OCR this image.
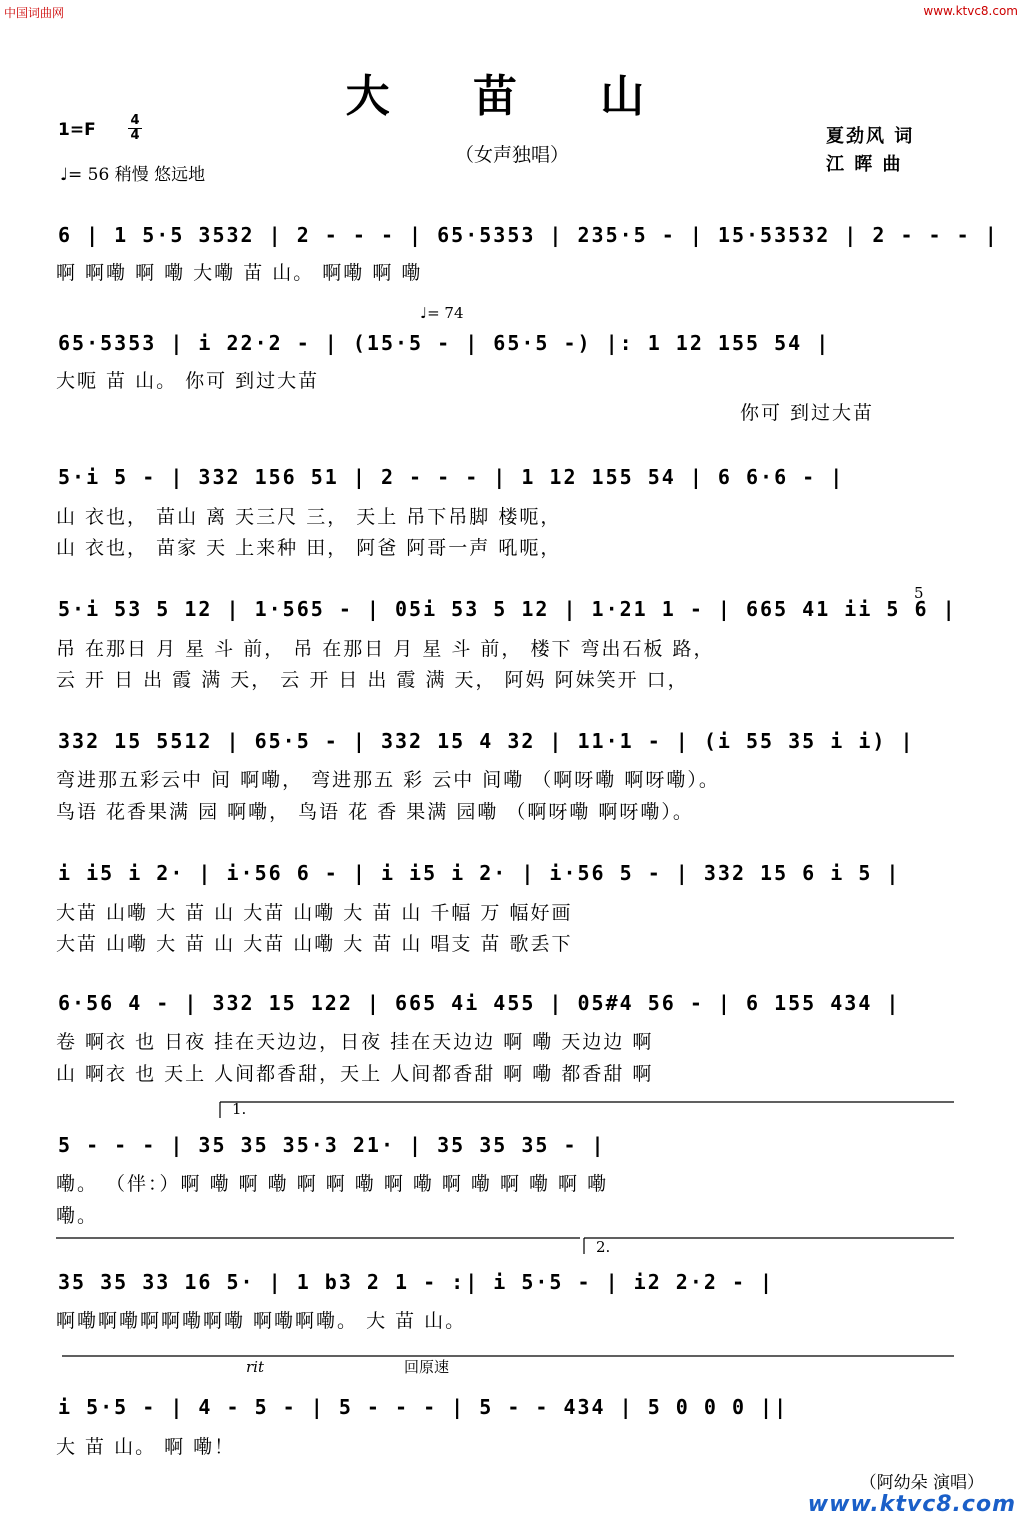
中国词曲网	www.ktvc8.com
大 苗 山
（女声独唱）
1=F	4
4
♩= 56 稍慢 悠远地
夏劲风 词
江 晖 曲
6 | 1 5·5 3532 | 2 - - - | 65·5353 | 235·5 - | 15·53532 | 2 - - - |
啊 啊嘞 啊 嘞 大嘞 苗 山。 啊嘞 啊 嘞
♩= 74
65·5353 | i 22·2 - | (15·5 - | 65·5 -) |: 1 12 155 54 |
大呃 苗 山。 你可 到过大苗
你可 到过大苗
5·i 5 - | 332 156 51 | 2 - - - | 1 12 155 54 | 6 6·6 - |
山 衣也， 苗山 离 天三尺 三， 天上 吊下吊脚 楼呃，
山 衣也， 苗家 天 上来种 田， 阿爸 阿哥一声 吼呃，
5
5·i 53 5 12 | 1·565 - | 05i 53 5 12 | 1·21 1 - | 665 41 ii 5 6 |
吊 在那日 月 星 斗 前， 吊 在那日 月 星 斗 前， 楼下 弯出石板 路，
云 开 日 出 霞 满 天， 云 开 日 出 霞 满 天， 阿妈 阿妹笑开 口，
332 15 5512 | 65·5 - | 332 15 4 32 | 11·1 - | (i 55 35 i i) |
弯进那五彩云中 间 啊嘞， 弯进那五 彩 云中 间嘞 （啊呀嘞 啊呀嘞）。
鸟语 花香果满 园 啊嘞， 鸟语 花 香 果满 园嘞 （啊呀嘞 啊呀嘞）。
i i5 i 2· | i·56 6 - | i i5 i 2· | i·56 5 - | 332 15 6 i 5 |
大苗 山嘞 大 苗 山 大苗 山嘞 大 苗 山 千幅 万 幅好画
大苗 山嘞 大 苗 山 大苗 山嘞 大 苗 山 唱支 苗 歌丢下
6·56 4 - | 332 15 122 | 665 4i 455 | 05#4 56 - | 6 155 434 |
卷 啊衣 也 日夜 挂在天边边，日夜 挂在天边边 啊 嘞 天边边 啊
山 啊衣 也 天上 人间都香甜，天上 人间都香甜 啊 嘞 都香甜 啊
1.
5 - - - | 35 35 35·3 21· | 35 35 35 - |
嘞。 （伴：）啊 嘞 啊 嘞 啊 啊 嘞 啊 嘞 啊 嘞 啊 嘞 啊 嘞
嘞。
2.
35 35 33 16 5· | 1 b3 2 1 - :| i 5·5 - | i2 2·2 - |
啊嘞啊嘞啊啊嘞啊嘞 啊嘞啊嘞。 大 苗 山。
rit	回原速
i 5·5 - | 4 - 5 - | 5 - - - | 5 - - 434 | 5 0 0 0 ||
大 苗 山。 啊 嘞！
（阿幼朵 演唱）
www.ktvc8.com
